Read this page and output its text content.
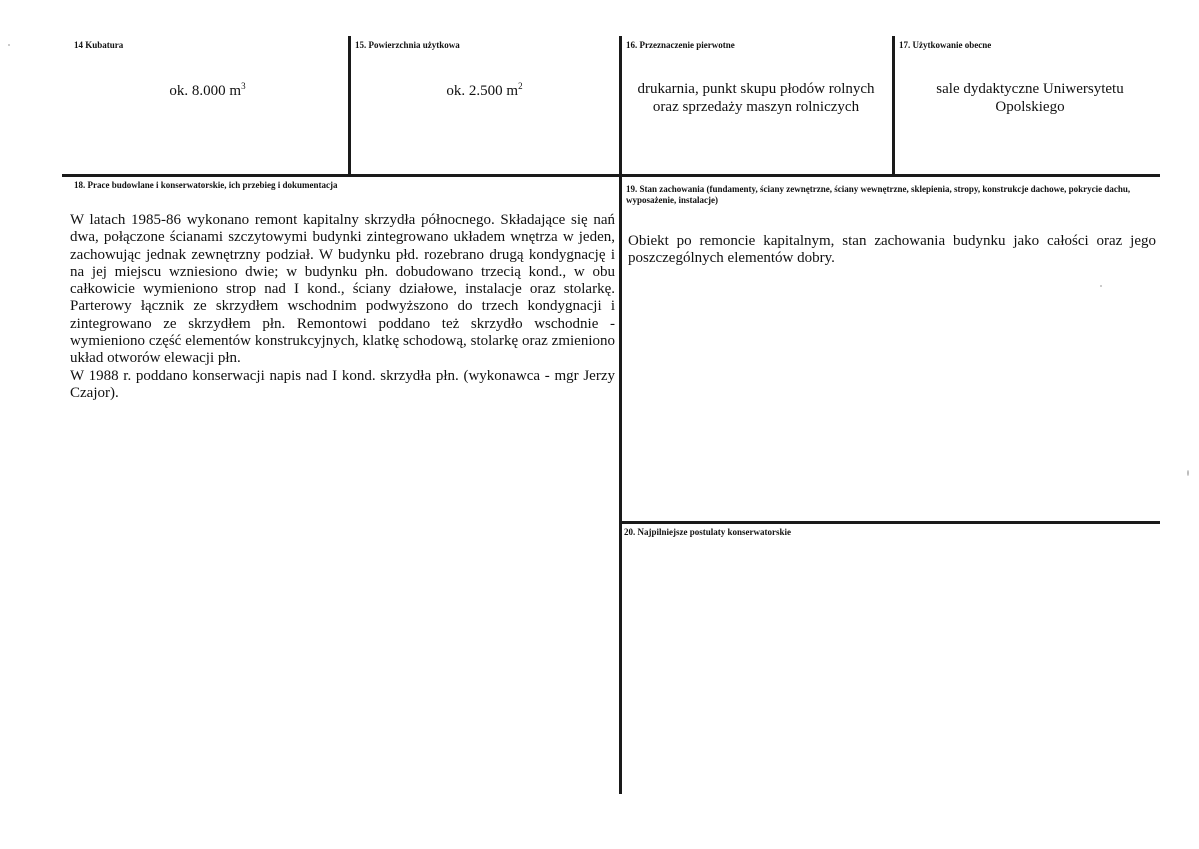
14 Kubatura
ok. 8.000 $m^3$
15. Powierzchnia użytkowa
ok. 2.500 $m^2$
16. Przeznaczenie pierwotne
drukarnia, punkt skupu płodów rolnych oraz sprzedaży maszyn rolniczych
17. Użytkowanie obecne
sale dydaktyczne Uniwersytetu Opolskiego
18. Prace budowlane i konserwatorskie, ich przebieg i dokumentacja
W latach 1985-86 wykonano remont kapitalny skrzydła północnego. Składające się nań dwa, połączone ścianami szczytowymi budynki zintegrowano układem wnętrza w jeden, zachowując jednak zewnętrzny podział. W budynku płd. rozebrano drugą kondygnację i na jej miejscu wzniesiono dwie; w budynku płn. dobudowano trzecią kond., w obu całkowicie wymieniono strop nad I kond., ściany działowe, instalacje oraz stolarkę. Parterowy łącznik ze skrzydłem wschodnim podwyższono do trzech kondygnacji i zintegrowano ze skrzydłem płn. Remontowi poddano też skrzydło wschodnie - wymieniono część elementów konstrukcyjnych, klatkę schodową, stolarkę oraz zmieniono układ otworów elewacji płn.
W 1988 r. poddano konserwacji napis nad I kond. skrzydła płn. (wykonawca - mgr Jerzy Czajor).
19. Stan zachowania (fundamenty, ściany zewnętrzne, ściany wewnętrzne, sklepienia, stropy, konstrukcje dachowe, pokrycie dachu, wyposażenie, instalacje)
Obiekt po remoncie kapitalnym, stan zachowania budynku jako całości oraz jego poszczególnych elementów dobry.
20. Najpilniejsze postulaty konserwatorskie
